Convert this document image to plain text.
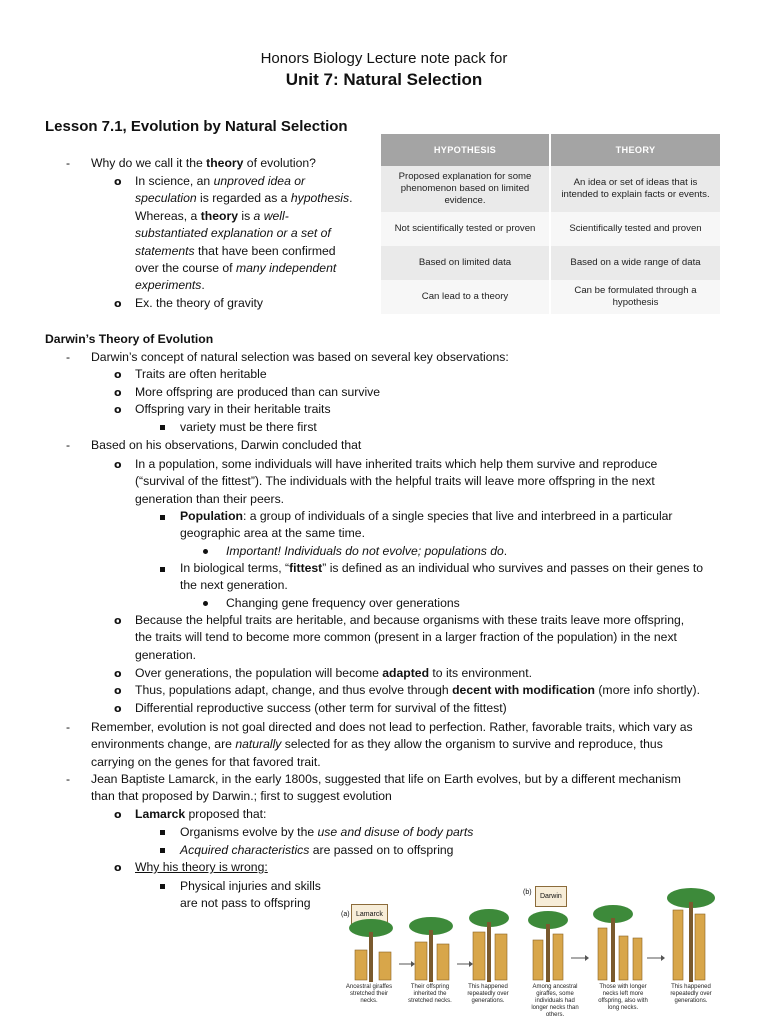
Honors Biology Lecture note pack for
Unit 7: Natural Selection
Lesson 7.1, Evolution by Natural Selection
- Why do we call it the theory of evolution?
o In science, an unproved idea or
speculation is regarded as a hypothesis.
Whereas, a theory is a well-
substantiated explanation or a set of
statements that have been confirmed
over the course of many independent
experiments.
o Ex. the theory of gravity
HYPOTHESIS	THEORY
Proposed explanation for some phenomenon based on limited evidence.	An idea or set of ideas that is intended to explain facts or events.
Not scientifically tested or proven	Scientifically tested and proven
Based on limited data	Based on a wide range of data
Can lead to a theory	Can be formulated through a hypothesis
Darwin’s Theory of Evolution
- Darwin’s concept of natural selection was based on several key observations:
o Traits are often heritable
o More offspring are produced than can survive
o Offspring vary in their heritable traits
variety must be there first
- Based on his observations, Darwin concluded that
o In a population, some individuals will have inherited traits which help them survive and reproduce
(“survival of the fittest”). The individuals with the helpful traits will leave more offspring in the next
generation than their peers.
Population: a group of individuals of a single species that live and interbreed in a particular
geographic area at the same time.
Important! Individuals do not evolve; populations do.
In biological terms, “fittest” is defined as an individual who survives and passes on their genes to
the next generation.
Changing gene frequency over generations
o Because the helpful traits are heritable, and because organisms with these traits leave more offspring,
the traits will tend to become more common (present in a larger fraction of the population) in the next
generation.
o Over generations, the population will become adapted to its environment.
o Thus, populations adapt, change, and thus evolve through decent with modification (more info shortly).
o Differential reproductive success (other term for survival of the fittest)
- Remember, evolution is not goal directed and does not lead to perfection. Rather, favorable traits, which vary as
environments change, are naturally selected for as they allow the organism to survive and reproduce, thus
carrying on the genes for that favored trait.
- Jean Baptiste Lamarck, in the early 1800s, suggested that life on Earth evolves, but by a different mechanism
than that proposed by Darwin.; first to suggest evolution
o Lamarck proposed that:
Organisms evolve by the use and disuse of body parts
Acquired characteristics are passed on to offspring
o Why his theory is wrong:
Physical injuries and skills
are not pass to offspring
(a) Lamarck
(b)
Darwin
Ancestral giraffes stretched their necks.
Their offspring inherited the stretched necks.
This happened repeatedly over generations.
Among ancestral giraffes, some individuals had longer necks than others.
Those with longer necks left more offspring, also with long necks.
This happened repeatedly over generations.
